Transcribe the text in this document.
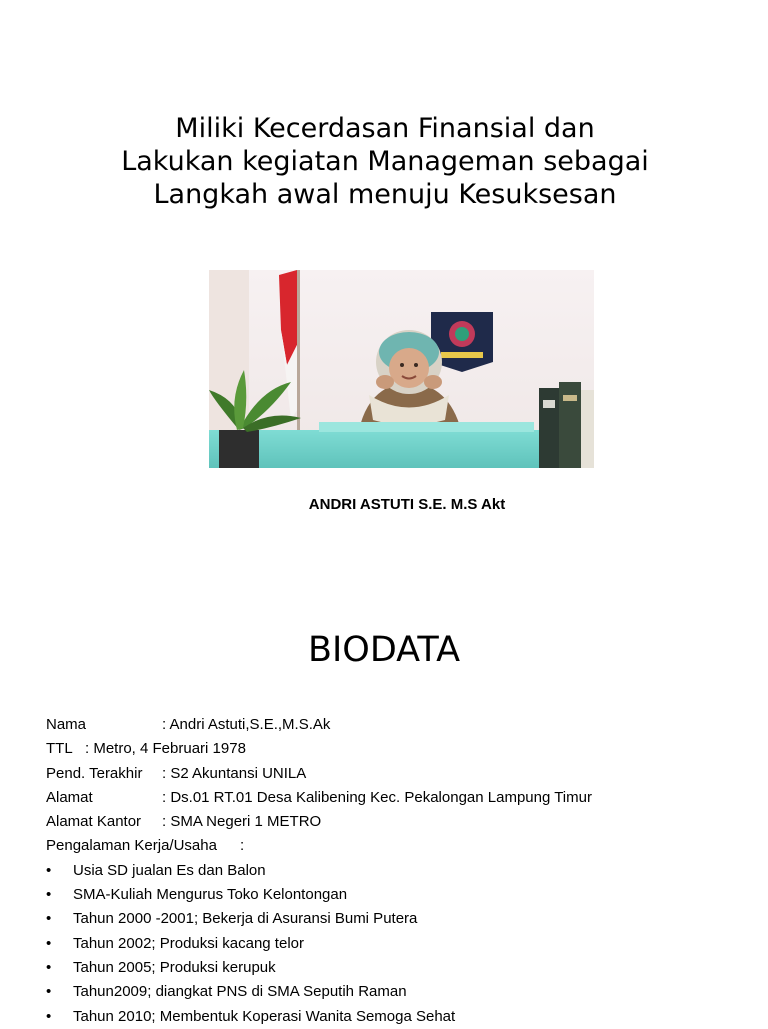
Miliki Kecerdasan Finansial dan
Lakukan kegiatan Manageman sebagai
Langkah awal menuju Kesuksesan
ANDRI ASTUTI S.E. M.S Akt
BIODATA
Nama	: Andri Astuti,S.E.,M.S.Ak
TTL : Metro, 4 Februari 1978
Pend. Terakhir : S2 Akuntansi UNILA
Alamat	: Ds.01 RT.01 Desa Kalibening Kec. Pekalongan Lampung Timur
Alamat Kantor : SMA Negeri 1 METRO
Pengalaman Kerja/Usaha :
• Usia SD jualan Es dan Balon
• SMA-Kuliah Mengurus Toko Kelontongan
• Tahun 2000 -2001; Bekerja di Asuransi Bumi Putera
• Tahun 2002; Produksi kacang telor
• Tahun 2005; Produksi kerupuk
• Tahun2009; diangkat PNS di SMA Seputih Raman
• Tahun 2010; Membentuk Koperasi Wanita Semoga Sehat
